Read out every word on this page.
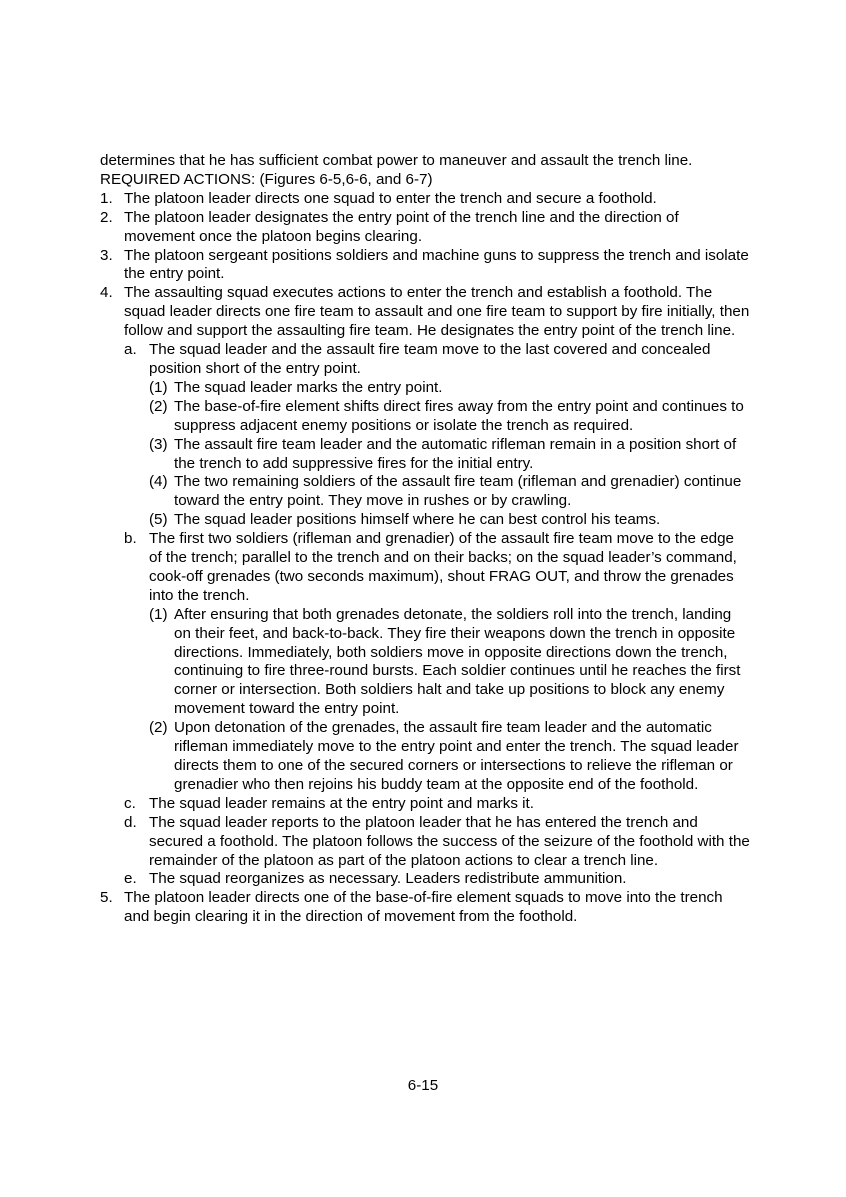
determines that he has sufficient combat power to maneuver and assault the trench line.
REQUIRED ACTIONS: (Figures 6-5,6-6, and 6-7)
1. The platoon leader directs one squad to enter the trench and secure a foothold.
2. The platoon leader designates the entry point of the trench line and the direction of movement once the platoon begins clearing.
3. The platoon sergeant positions soldiers and machine guns to suppress the trench and isolate the entry point.
4. The assaulting squad executes actions to enter the trench and establish a foothold. The squad leader directs one fire team to assault and one fire team to support by fire initially, then follow and support the assaulting fire team. He designates the entry point of the trench line.
a. The squad leader and the assault fire team move to the last covered and concealed position short of the entry point.
(1) The squad leader marks the entry point.
(2) The base-of-fire element shifts direct fires away from the entry point and continues to suppress adjacent enemy positions or isolate the trench as required.
(3) The assault fire team leader and the automatic rifleman remain in a position short of the trench to add suppressive fires for the initial entry.
(4) The two remaining soldiers of the assault fire team (rifleman and grenadier) continue toward the entry point. They move in rushes or by crawling.
(5) The squad leader positions himself where he can best control his teams.
b. The first two soldiers (rifleman and grenadier) of the assault fire team move to the edge of the trench; parallel to the trench and on their backs; on the squad leader’s command, cook-off grenades (two seconds maximum), shout FRAG OUT, and throw the grenades into the trench.
(1) After ensuring that both grenades detonate, the soldiers roll into the trench, landing on their feet, and back-to-back. They fire their weapons down the trench in opposite directions. Immediately, both soldiers move in opposite directions down the trench, continuing to fire three-round bursts. Each soldier continues until he reaches the first corner or intersection. Both soldiers halt and take up positions to block any enemy movement toward the entry point.
(2) Upon detonation of the grenades, the assault fire team leader and the automatic rifleman immediately move to the entry point and enter the trench. The squad leader directs them to one of the secured corners or intersections to relieve the rifleman or grenadier who then rejoins his buddy team at the opposite end of the foothold.
c. The squad leader remains at the entry point and marks it.
d. The squad leader reports to the platoon leader that he has entered the trench and secured a foothold. The platoon follows the success of the seizure of the foothold with the remainder of the platoon as part of the platoon actions to clear a trench line.
e. The squad reorganizes as necessary. Leaders redistribute ammunition.
5. The platoon leader directs one of the base-of-fire element squads to move into the trench and begin clearing it in the direction of movement from the foothold.
6-15
